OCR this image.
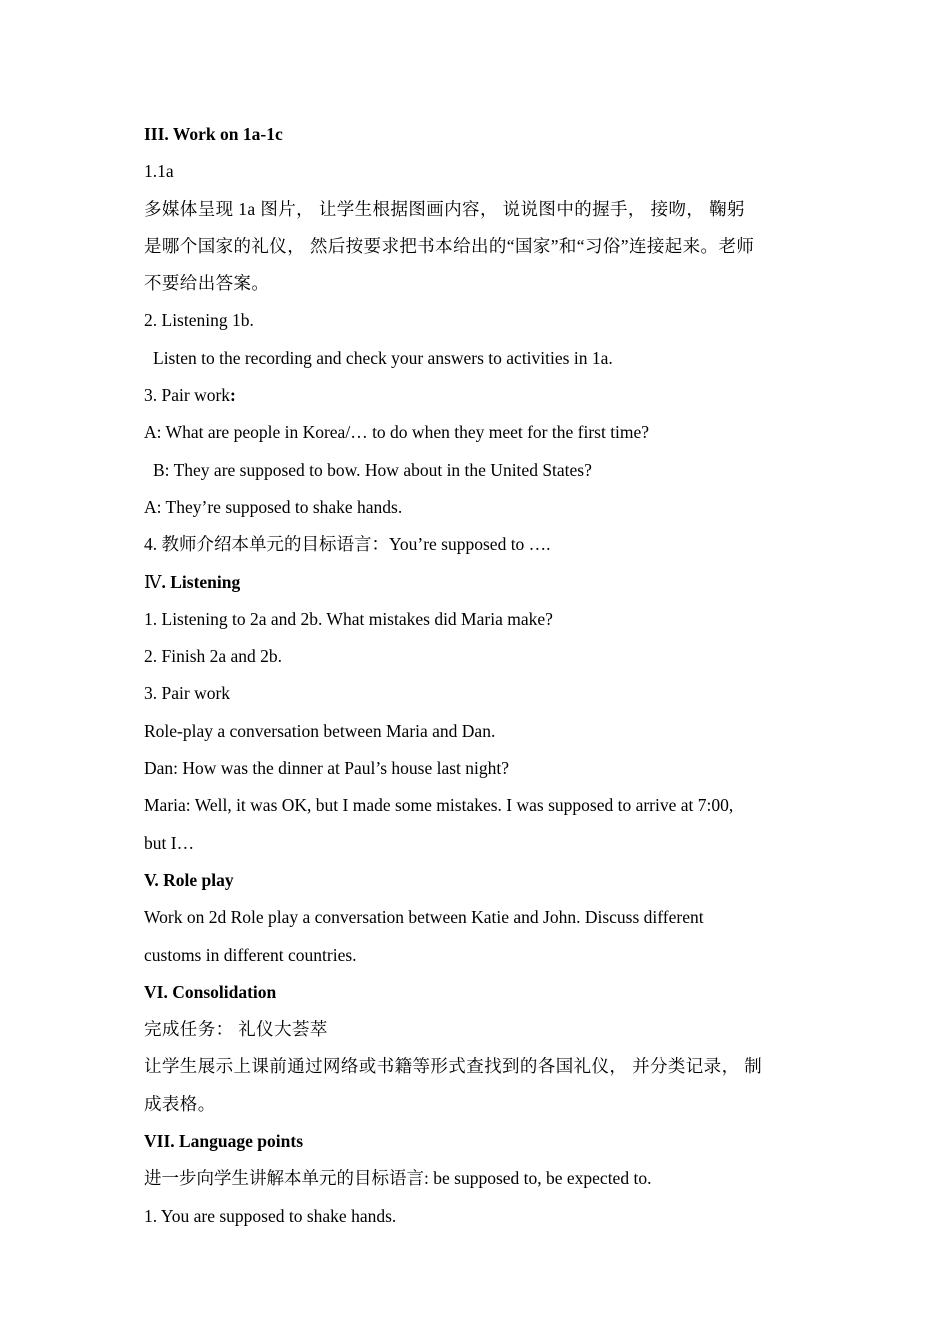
III. Work on 1a-1c
1.1a
多媒体呈现 1a 图片， 让学生根据图画内容， 说说图中的握手， 接吻， 鞠躬
是哪个国家的礼仪， 然后按要求把书本给出的“国家”和“习俗”连接起来。老师
不要给出答案。
2. Listening 1b.
Listen to the recording and check your answers to activities in 1a.
3. Pair work:
A: What are people in Korea/… to do when they meet for the first time?
B: They are supposed to bow. How about in the United States?
A: They’re supposed to shake hands.
4. 教师介绍本单元的目标语言：You’re supposed to ….
Ⅳ. Listening
1. Listening to 2a and 2b. What mistakes did Maria make?
2. Finish 2a and 2b.
3. Pair work
Role-play a conversation between Maria and Dan.
Dan: How was the dinner at Paul’s house last night?
Maria: Well, it was OK, but I made some mistakes. I was supposed to arrive at 7:00,
but I…
V. Role play
Work on 2d Role play a conversation between Katie and John. Discuss different
customs in different countries.
VI. Consolidation
完成任务： 礼仪大荟萃
让学生展示上课前通过网络或书籍等形式查找到的各国礼仪， 并分类记录， 制
成表格。
VII. Language points
进一步向学生讲解本单元的目标语言: be supposed to, be expected to.
1. You are supposed to shake hands.
